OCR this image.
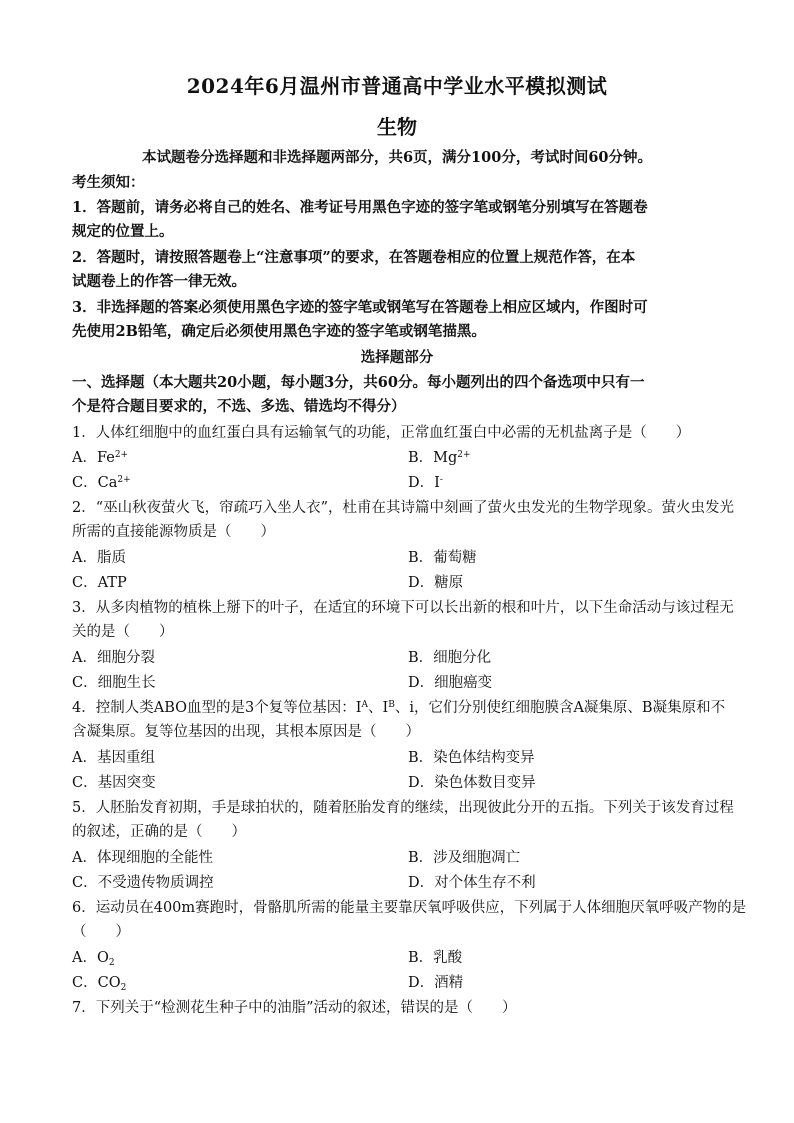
2024年6月温州市普通高中学业水平模拟测试
生物
本试题卷分选择题和非选择题两部分，共6页，满分100分，考试时间60分钟。
考生须知：
1．答题前，请务必将自己的姓名、准考证号用黑色字迹的签字笔或钢笔分别填写在答题卷
规定的位置上。
2．答题时，请按照答题卷上“注意事项”的要求，在答题卷相应的位置上规范作答，在本
试题卷上的作答一律无效。
3．非选择题的答案必须使用黑色字迹的签字笔或钢笔写在答题卷上相应区域内，作图时可
先使用2B铅笔，确定后必须使用黑色字迹的签字笔或钢笔描黑。
选择题部分
一、选择题（本大题共20小题，每小题3分，共60分。每小题列出的四个备选项中只有一
个是符合题目要求的，不选、多选、错选均不得分）
1．人体红细胞中的血红蛋白具有运输氧气的功能，正常血红蛋白中必需的无机盐离子是（　　）
A．$Fe^{2+}$	B．$Mg^{2+}$
C．$Ca^{2+}$	D．I-
2．“巫山秋夜萤火飞，帘疏巧入坐人衣”，杜甫在其诗篇中刻画了萤火虫发光的生物学现象。萤火虫发光
所需的直接能源物质是（　　）
A．脂质	B．葡萄糖
C．ATP	D．糖原
3．从多肉植物的植株上掰下的叶子，在适宜的环境下可以长出新的根和叶片，以下生命活动与该过程无
关的是（　　）
A．细胞分裂	B．细胞分化
C．细胞生长	D．细胞癌变
4．控制人类ABO血型的是3个复等位基因：$I^A$、$I^B$、i，它们分别使红细胞膜含A凝集原、B凝集原和不
含凝集原。复等位基因的出现，其根本原因是（　　）
A．基因重组	B．染色体结构变异
C．基因突变	D．染色体数目变异
5．人胚胎发育初期，手是球拍状的，随着胚胎发育的继续，出现彼此分开的五指。下列关于该发育过程
的叙述，正确的是（　　）
A．体现细胞的全能性	B．涉及细胞凋亡
C．不受遗传物质调控	D．对个体生存不利
6．运动员在400m赛跑时，骨骼肌所需的能量主要靠厌氧呼吸供应，下列属于人体细胞厌氧呼吸产物的是
（　　）
A．$O_2$	B．乳酸
C．$CO_2$	D．酒精
7．下列关于“检测花生种子中的油脂”活动的叙述，错误的是（　　）
